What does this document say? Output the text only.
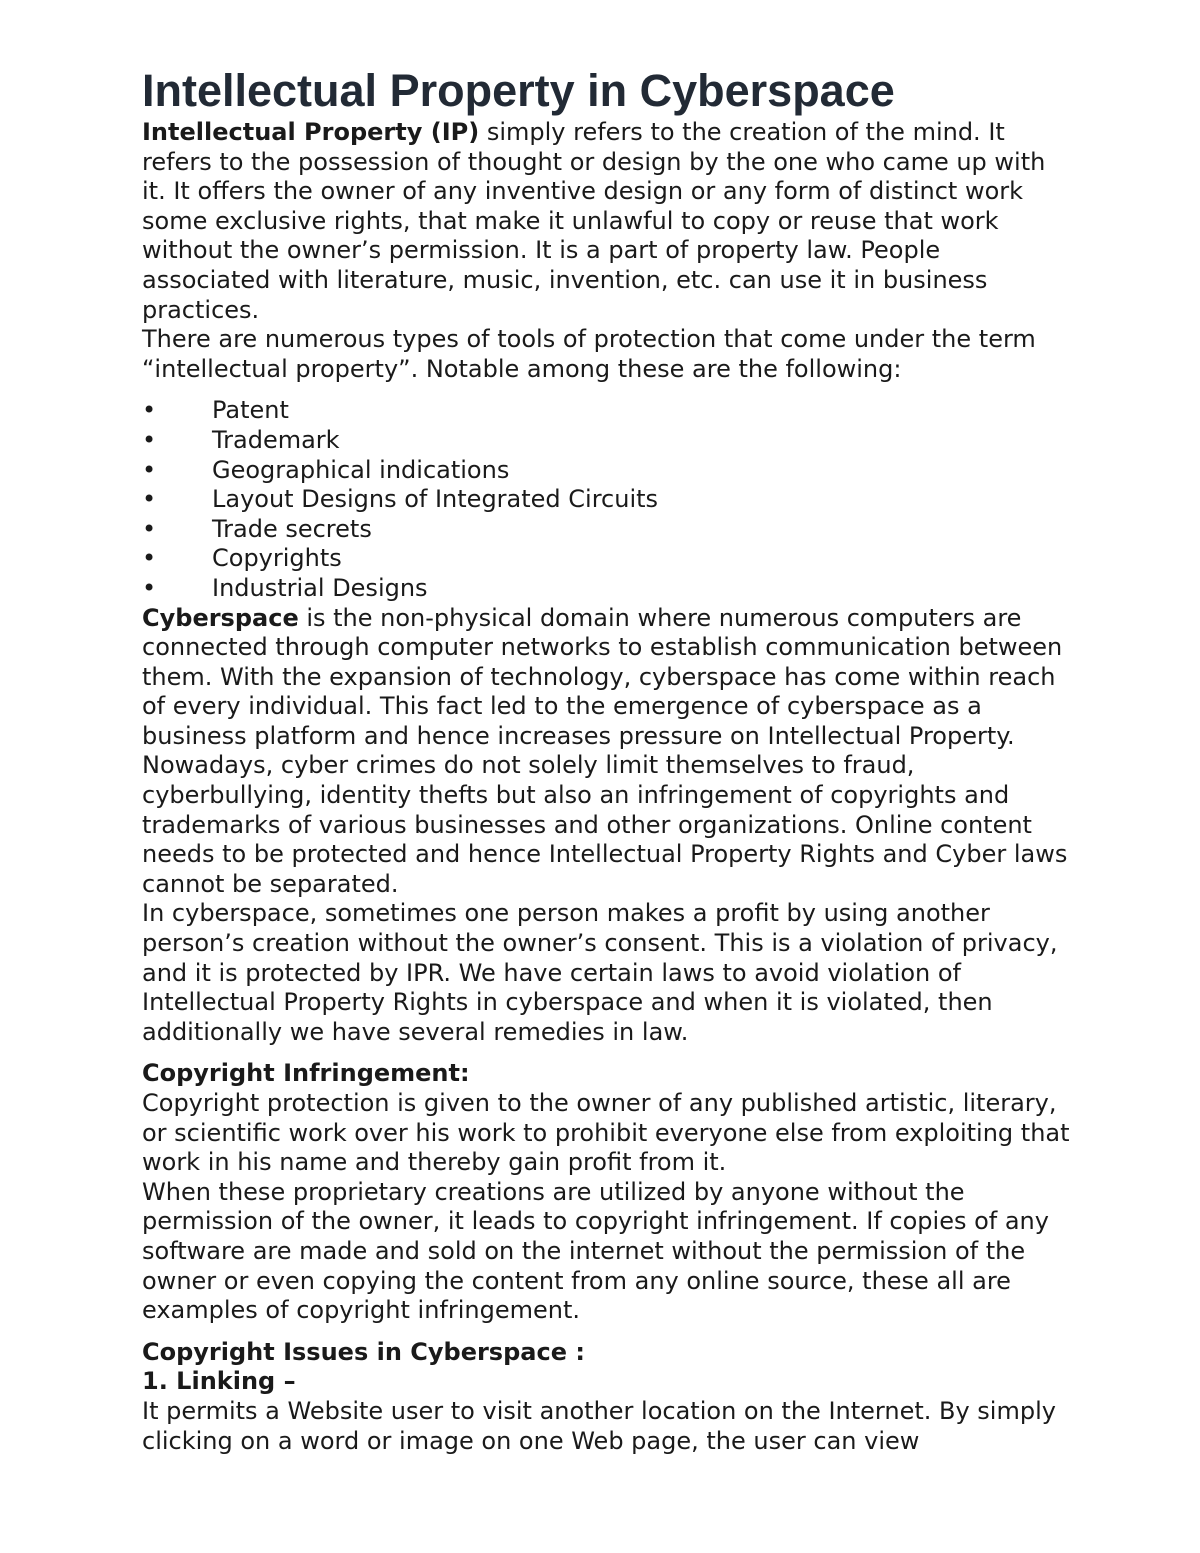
Intellectual Property in Cyberspace

Intellectual Property (IP) simply refers to the creation of the mind. It refers to the possession of thought or design by the one who came up with it. It offers the owner of any inventive design or any form of distinct work some exclusive rights, that make it unlawful to copy or reuse that work without the owner’s permission. It is a part of property law. People associated with literature, music, invention, etc. can use it in business practices.

There are numerous types of tools of protection that come under the term “intellectual property”. Notable among these are the following:

• Patent
• Trademark
• Geographical indications
• Layout Designs of Integrated Circuits
• Trade secrets
• Copyrights
• Industrial Designs

Cyberspace is the non-physical domain where numerous computers are connected through computer networks to establish communication between them. With the expansion of technology, cyberspace has come within reach of every individual. This fact led to the emergence of cyberspace as a business platform and hence increases pressure on Intellectual Property. Nowadays, cyber crimes do not solely limit themselves to fraud, cyberbullying, identity thefts but also an infringement of copyrights and trademarks of various businesses and other organizations. Online content needs to be protected and hence Intellectual Property Rights and Cyber laws cannot be separated.

In cyberspace, sometimes one person makes a profit by using another person’s creation without the owner’s consent. This is a violation of privacy, and it is protected by IPR. We have certain laws to avoid violation of Intellectual Property Rights in cyberspace and when it is violated, then additionally we have several remedies in law.

Copyright Infringement:

Copyright protection is given to the owner of any published artistic, literary, or scientific work over his work to prohibit everyone else from exploiting that work in his name and thereby gain profit from it.

When these proprietary creations are utilized by anyone without the permission of the owner, it leads to copyright infringement. If copies of any software are made and sold on the internet without the permission of the owner or even copying the content from any online source, these all are examples of copyright infringement.

Copyright Issues in Cyberspace :

1. Linking –

It permits a Website user to visit another location on the Internet. By simply clicking on a word or image on one Web page, the user can view
